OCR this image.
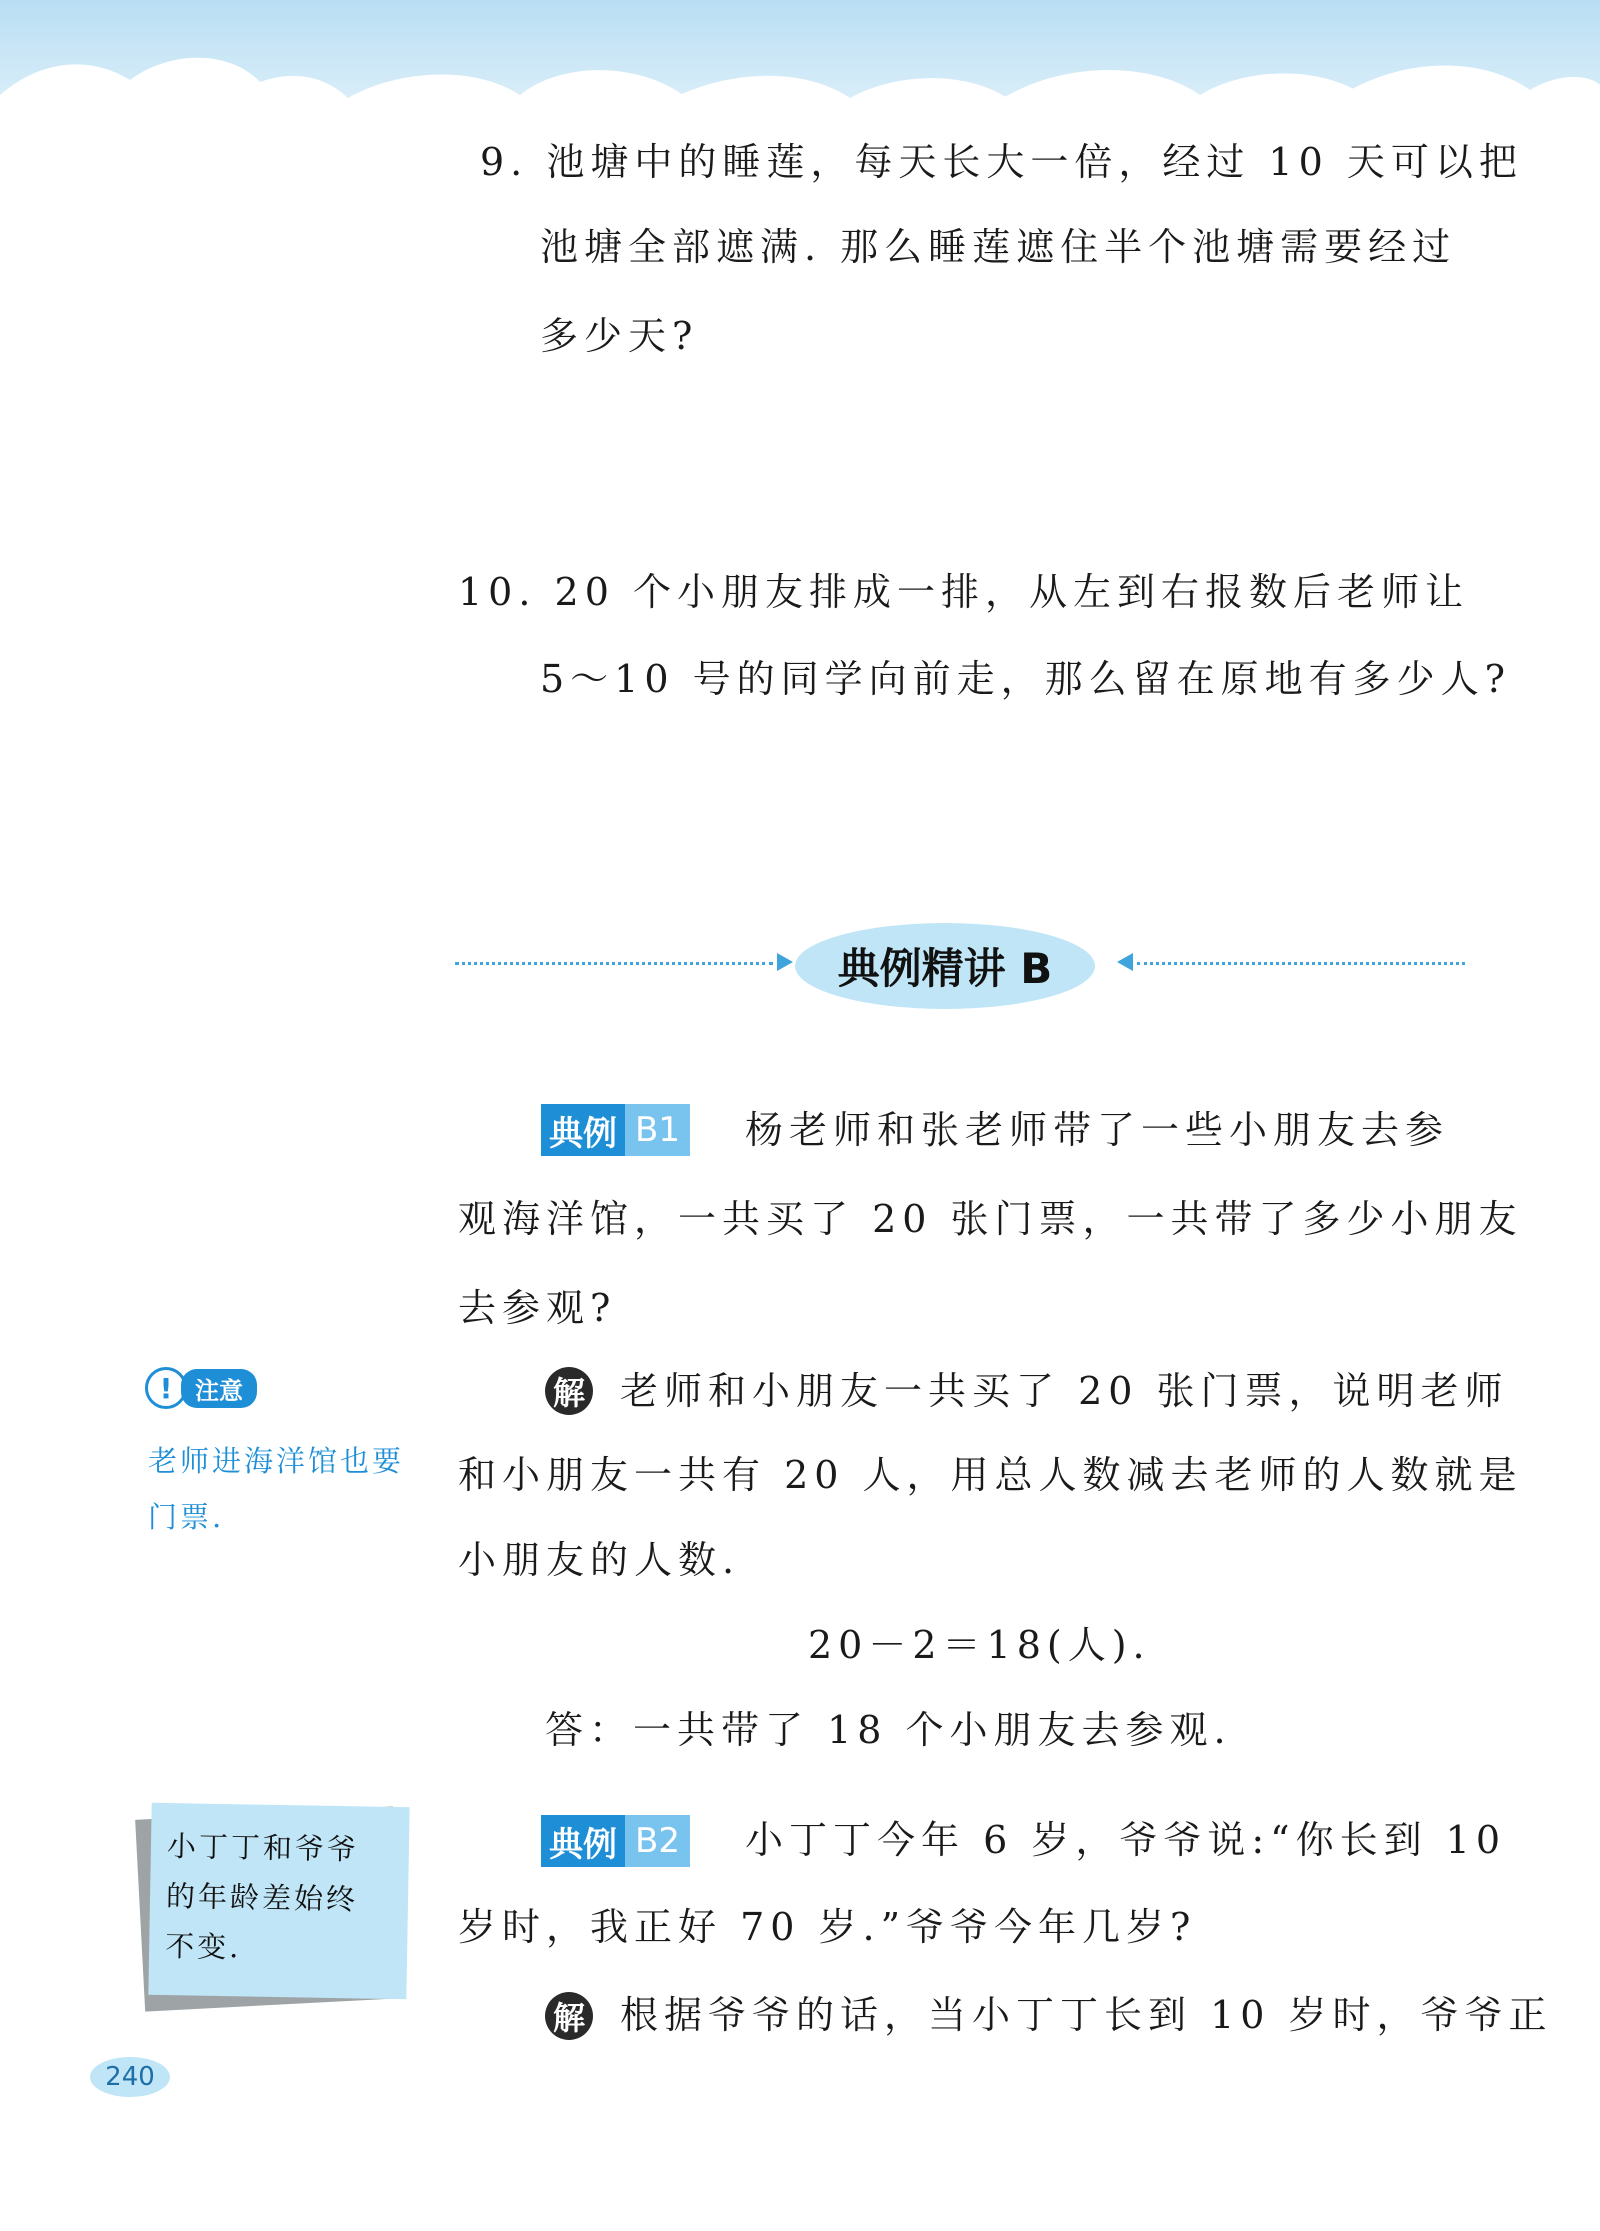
9. 池塘中的睡莲，每天长大一倍，经过 10 天可以把
池塘全部遮满. 那么睡莲遮住半个池塘需要经过
多少天?
10. 20 个小朋友排成一排，从左到右报数后老师让
5～10 号的同学向前走，那么留在原地有多少人?
典例精讲 B
典例 B1 杨老师和张老师带了一些小朋友去参
观海洋馆，一共买了 20 张门票，一共带了多少小朋友
去参观?
解 老师和小朋友一共买了 20 张门票，说明老师
和小朋友一共有 20 人，用总人数减去老师的人数就是
小朋友的人数.
20－2＝18(人).
答：一共带了 18 个小朋友去参观.
! 注意
老师进海洋馆也要
门票.
小丁丁和爷爷
的年龄差始终
不变.
典例 B2 小丁丁今年 6 岁，爷爷说:“你长到 10
岁时，我正好 70 岁.”爷爷今年几岁?
解 根据爷爷的话，当小丁丁长到 10 岁时，爷爷正
240
